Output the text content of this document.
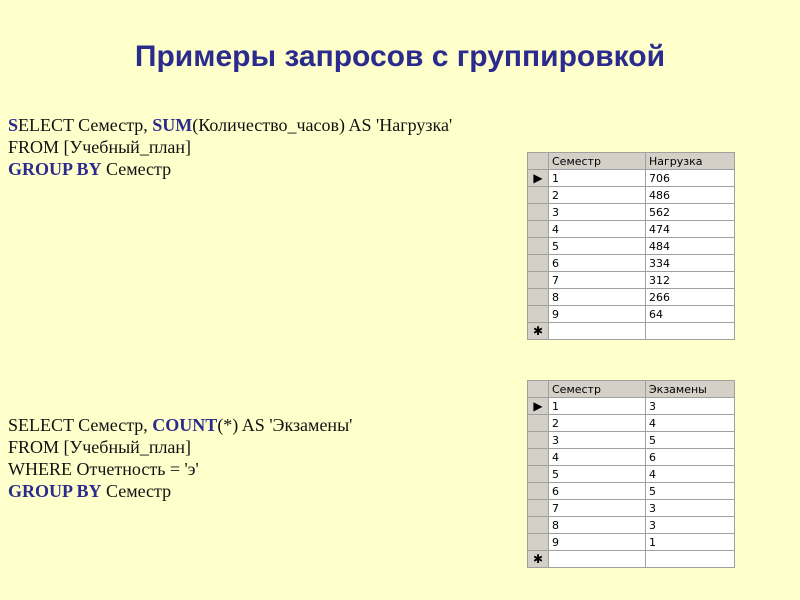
Примеры запросов с группировкой
SELECT Семестр, SUM(Количество_часов) AS 'Нагрузка'
FROM [Учебный_план]
GROUP BY Семестр
SELECT Семестр, COUNT(*) AS 'Экзамены'
FROM [Учебный_план]
WHERE Отчетность = 'э'
GROUP BY Семестр
	Семестр	Нагрузка
▶	1	706
	2	486
	3	562
	4	474
	5	484
	6	334
	7	312
	8	266
	9	64
✱		
	Семестр	Экзамены
▶	1	3
	2	4
	3	5
	4	6
	5	4
	6	5
	7	3
	8	3
	9	1
✱		
